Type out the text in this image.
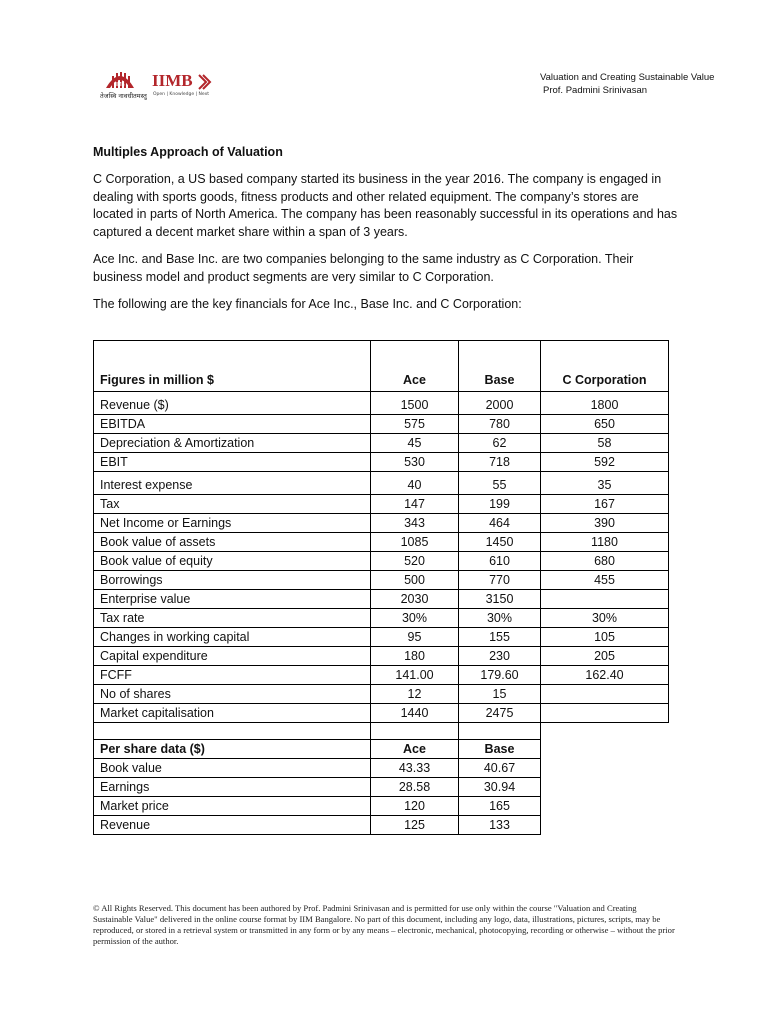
IIMB
तेजस्वि नावधीतमस्तु
IIMB
Open | Knowledge | Next
Valuation and Creating Sustainable Value
Prof. Padmini Srinivasan
Multiples Approach of Valuation

C Corporation, a US based company started its business in the year 2016. The company is engaged in dealing with sports goods, fitness products and other related equipment. The company’s stores are located in parts of North America. The company has been reasonably successful in its operations and has captured a decent market share within a span of 3 years.

Ace Inc. and Base Inc. are two companies belonging to the same industry as C Corporation. Their business model and product segments are very similar to C Corporation.

The following are the key financials for Ace Inc., Base Inc. and C Corporation:

Figures in million $	Ace	Base	C Corporation
Revenue ($)	1500	2000	1800
EBITDA	575	780	650
Depreciation & Amortization	45	62	58
EBIT	530	718	592
Interest expense	40	55	35
Tax	147	199	167
Net Income or Earnings	343	464	390
Book value of assets	1085	1450	1180
Book value of equity	520	610	680
Borrowings	500	770	455
Enterprise value	2030	3150	
Tax rate	30%	30%	30%
Changes in working capital	95	155	105
Capital expenditure	180	230	205
FCFF	141.00	179.60	162.40
No of shares	12	15	
Market capitalisation	1440	2475	

Per share data ($)	Ace	Base	
Book value	43.33	40.67	
Earnings	28.58	30.94	
Market price	120	165	
Revenue	125	133	
© All Rights Reserved. This document has been authored by Prof. Padmini Srinivasan and is permitted for use only within the course "Valuation and Creating Sustainable Value" delivered in the online course format by IIM Bangalore. No part of this document, including any logo, data, illustrations, pictures, scripts, may be reproduced, or stored in a retrieval system or transmitted in any form or by any means – electronic, mechanical, photocopying, recording or otherwise – without the prior permission of the author.
